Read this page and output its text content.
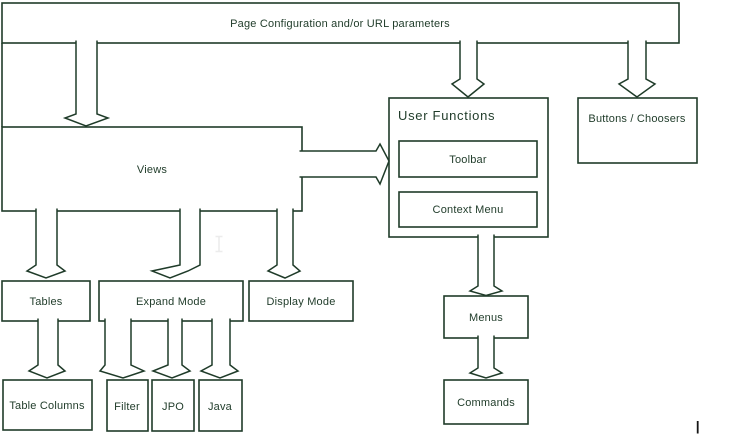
Page Configuration and/or URL parameters
Views
Tables	Expand Mode	Display Mode
Table Columns	Filter JPO Java
User Functions
Toolbar
Context Menu
Buttons / Choosers
Menus
Commands
